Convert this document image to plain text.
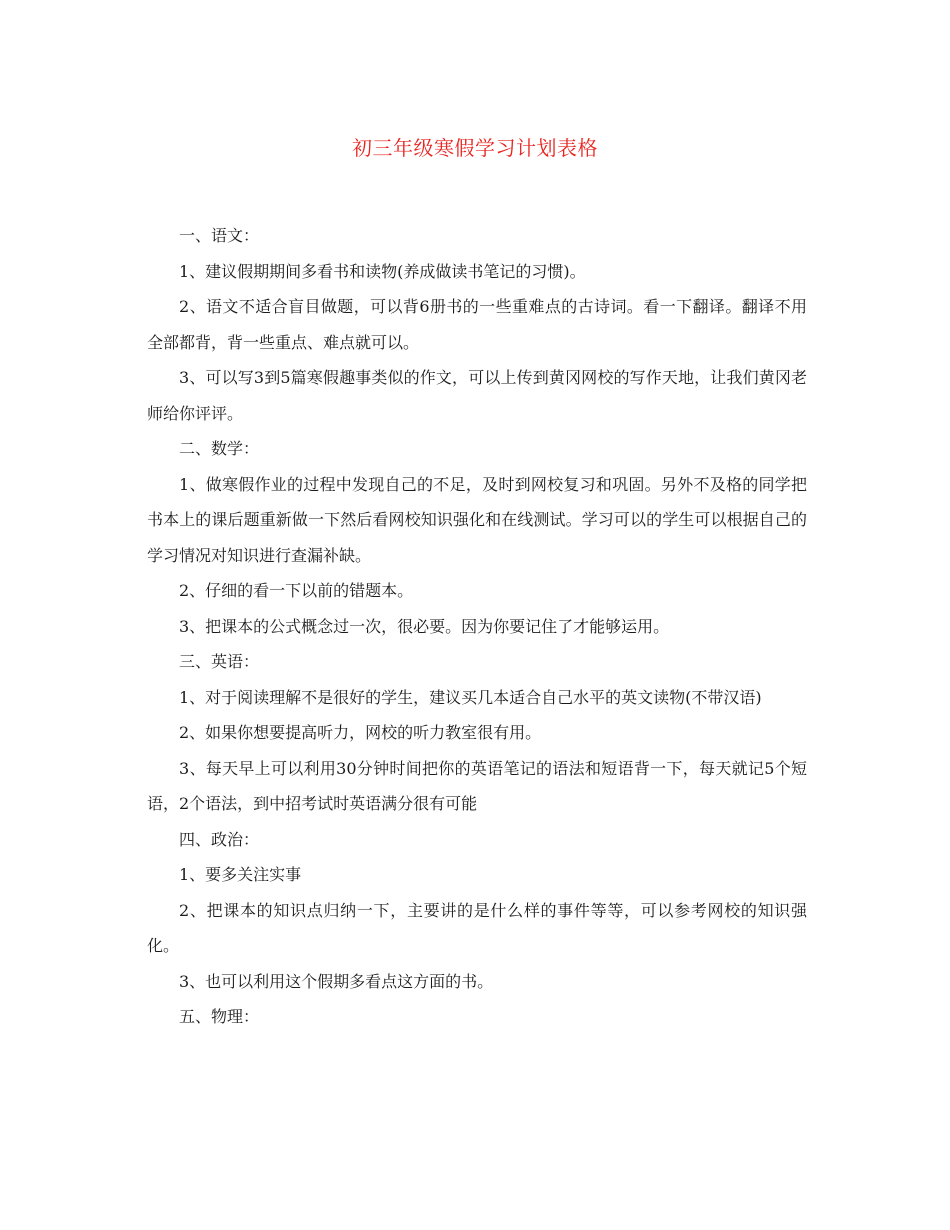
初三年级寒假学习计划表格

一、语文：

1、建议假期期间多看书和读物(养成做读书笔记的习惯)。

2、语文不适合盲目做题，可以背6册书的一些重难点的古诗词。看一下翻译。翻译不用全部都背，背一些重点、难点就可以。

3、可以写3到5篇寒假趣事类似的作文，可以上传到黄冈网校的写作天地，让我们黄冈老师给你评评。

二、数学：

1、做寒假作业的过程中发现自己的不足，及时到网校复习和巩固。另外不及格的同学把书本上的课后题重新做一下然后看网校知识强化和在线测试。学习可以的学生可以根据自己的学习情况对知识进行查漏补缺。

2、仔细的看一下以前的错题本。

3、把课本的公式概念过一次，很必要。因为你要记住了才能够运用。

三、英语：

1、对于阅读理解不是很好的学生，建议买几本适合自己水平的英文读物(不带汉语)

2、如果你想要提高听力，网校的听力教室很有用。

3、每天早上可以利用30分钟时间把你的英语笔记的语法和短语背一下，每天就记5个短语，2个语法，到中招考试时英语满分很有可能

四、政治：

1、要多关注实事

2、把课本的知识点归纳一下，主要讲的是什么样的事件等等，可以参考网校的知识强化。

3、也可以利用这个假期多看点这方面的书。

五、物理：
